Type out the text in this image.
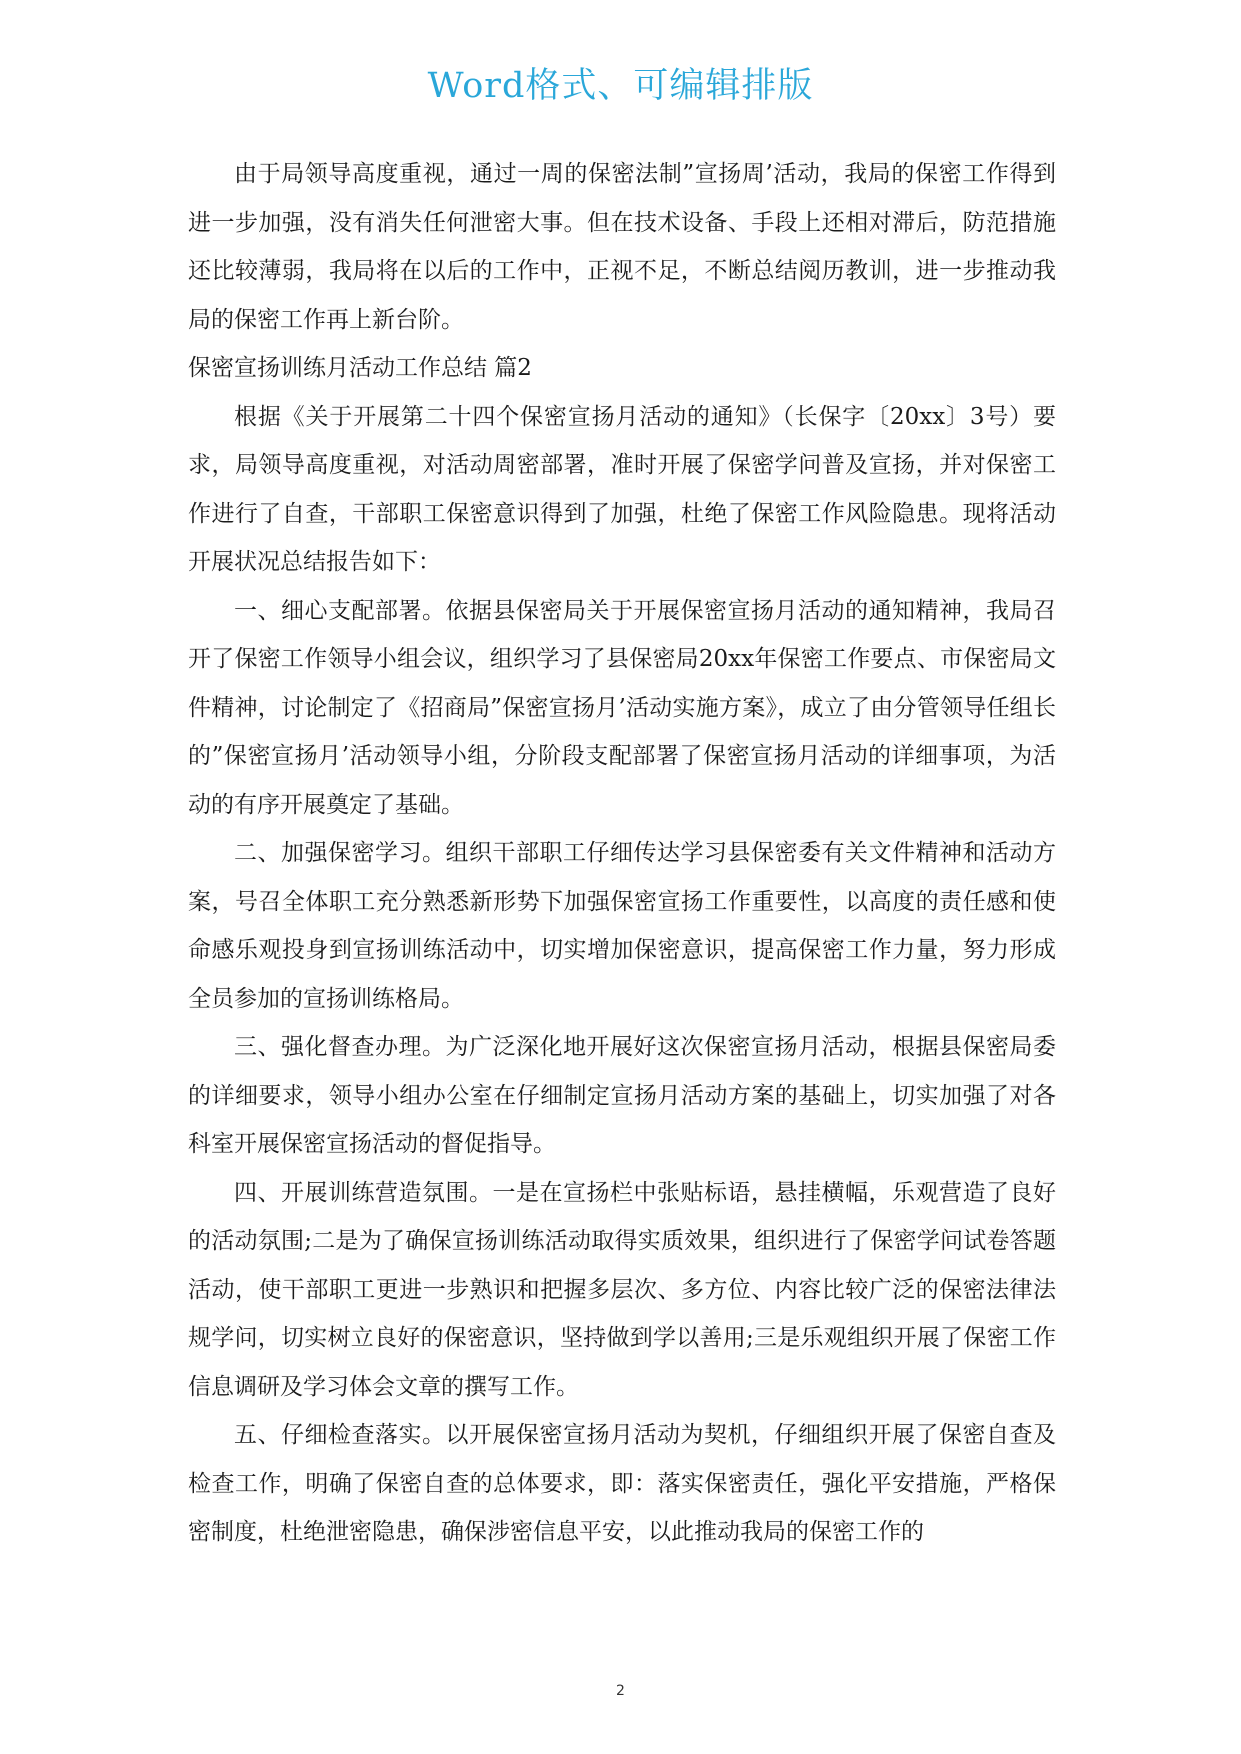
Word格式、可编辑排版

由于局领导高度重视，通过一周的保密法制”宣扬周’活动，我局的保密工作得到进一步加强，没有消失任何泄密大事。但在技术设备、手段上还相对滞后，防范措施还比较薄弱，我局将在以后的工作中，正视不足，不断总结阅历教训，进一步推动我局的保密工作再上新台阶。

保密宣扬训练月活动工作总结 篇2

根据《关于开展第二十四个保密宣扬月活动的通知》（长保字〔20xx〕3号）要求，局领导高度重视，对活动周密部署，准时开展了保密学问普及宣扬，并对保密工作进行了自查，干部职工保密意识得到了加强，杜绝了保密工作风险隐患。现将活动开展状况总结报告如下：

一、细心支配部署。依据县保密局关于开展保密宣扬月活动的通知精神，我局召开了保密工作领导小组会议，组织学习了县保密局20xx年保密工作要点、市保密局文件精神，讨论制定了《招商局”保密宣扬月’活动实施方案》，成立了由分管领导任组长的”保密宣扬月’活动领导小组，分阶段支配部署了保密宣扬月活动的详细事项，为活动的有序开展奠定了基础。

二、加强保密学习。组织干部职工仔细传达学习县保密委有关文件精神和活动方案，号召全体职工充分熟悉新形势下加强保密宣扬工作重要性，以高度的责任感和使命感乐观投身到宣扬训练活动中，切实增加保密意识，提高保密工作力量，努力形成全员参加的宣扬训练格局。

三、强化督查办理。为广泛深化地开展好这次保密宣扬月活动，根据县保密局委的详细要求，领导小组办公室在仔细制定宣扬月活动方案的基础上，切实加强了对各科室开展保密宣扬活动的督促指导。

四、开展训练营造氛围。一是在宣扬栏中张贴标语，悬挂横幅，乐观营造了良好的活动氛围;二是为了确保宣扬训练活动取得实质效果，组织进行了保密学问试卷答题活动，使干部职工更进一步熟识和把握多层次、多方位、内容比较广泛的保密法律法规学问，切实树立良好的保密意识，坚持做到学以善用;三是乐观组织开展了保密工作信息调研及学习体会文章的撰写工作。

五、仔细检查落实。以开展保密宣扬月活动为契机，仔细组织开展了保密自查及检查工作，明确了保密自查的总体要求，即：落实保密责任，强化平安措施，严格保密制度，杜绝泄密隐患，确保涉密信息平安，以此推动我局的保密工作的

2
